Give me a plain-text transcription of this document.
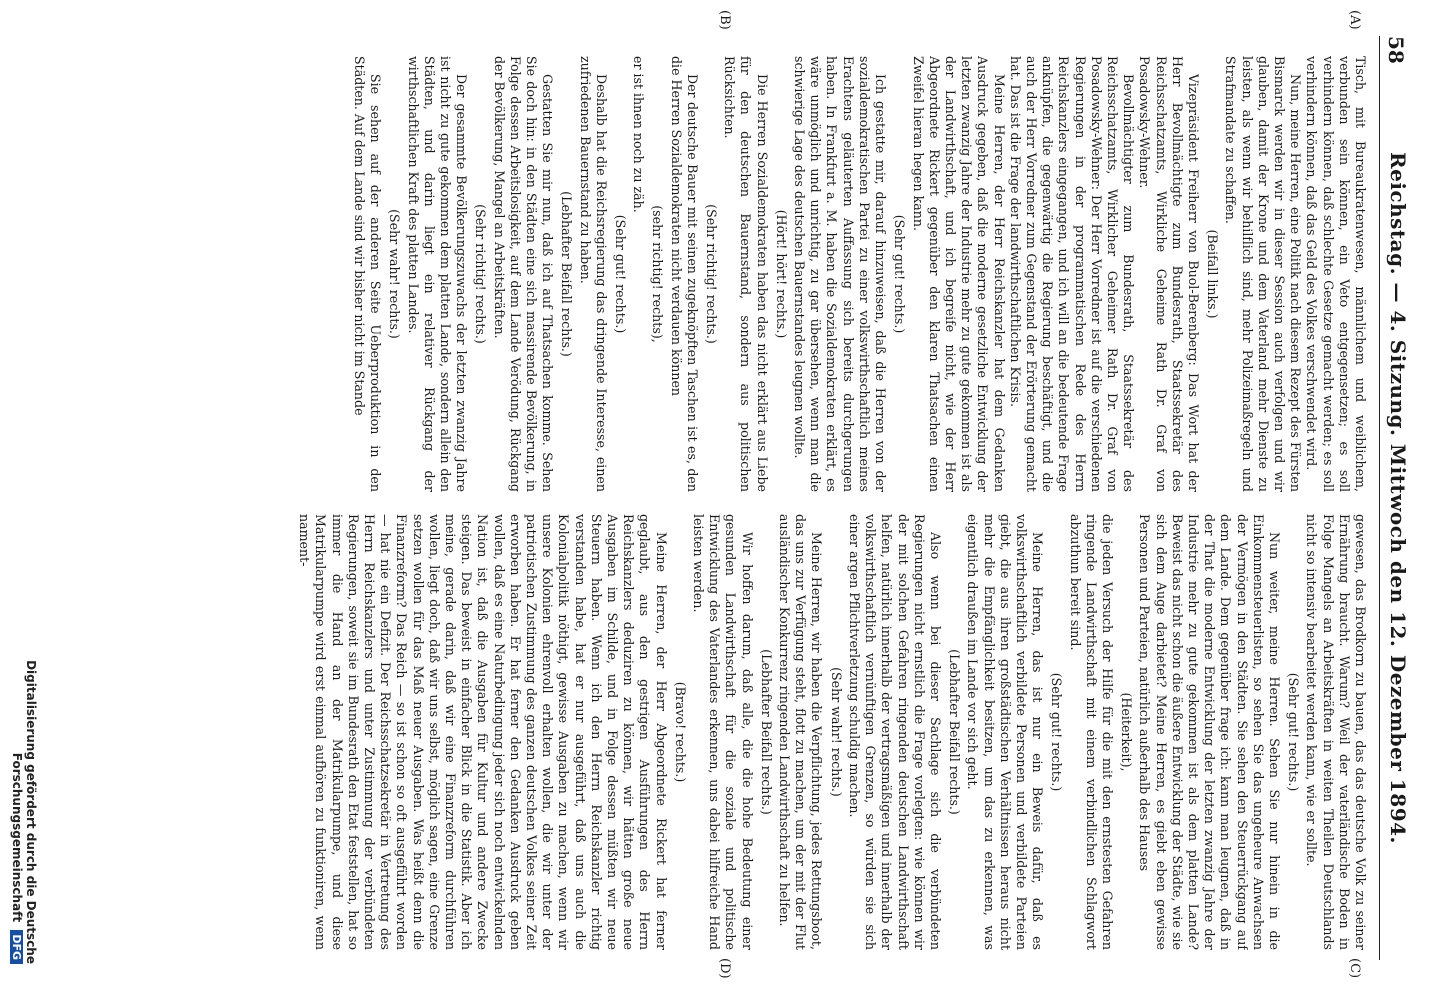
58
Reichstag. — 4. Sitzung. Mittwoch den 12. Dezember 1894.
(A)
(B)
(C)
(D)

Tisch, mit Bureaukratenwesen, männlichem und weiblichem, verbunden sein können, ein Veto entgegensetzen; es soll verhindern können, daß schlechte Gesetze gemacht werden; es soll verhindern können, daß das Geld des Volkes verschwendet wird.

Nun, meine Herren, eine Politik nach diesem Rezept des Fürsten Bismarck werden wir in dieser Session auch verfolgen und wir glauben, damit der Krone und dem Vaterland mehr Dienste zu leisten, als wenn wir behilflich sind, mehr Polizeimaßregeln und Strafmandate zu schaffen.

(Beifall links.)

Vizepräsident Freiherr von Buol-Berenberg: Das Wort hat der Herr Bevollmächtigte zum Bundesrath, Staatssekretär des Reichsschatzamts, Wirkliche Geheime Rath Dr. Graf von Posadowsky-Wehner.

Bevollmächtigter zum Bundesrath, Staatssekretär des Reichsschatzamts, Wirklicher Geheimer Rath Dr. Graf von Posadowsky-Wehner: Der Herr Vorredner ist auf die verschiedenen Regierungen in der programmatischen Rede des Herrn Reichskanzlers eingegangen, und ich will an die bedeutende Frage anknüpfen, die gegenwärtig die Regierung beschäftigt, und die auch der Herr Vorredner zum Gegenstand der Erörterung gemacht hat. Das ist die Frage der landwirthschaftlichen Krisis.

Meine Herren, der Herr Reichskanzler hat dem Gedanken Ausdruck gegeben, daß die moderne gesetzliche Entwicklung der letzten zwanzig Jahre der Industrie mehr zu gute gekommen ist als der Landwirthschaft, und ich begreife nicht, wie der Herr Abgeordnete Rickert gegenüber den klaren Thatsachen einen Zweifel hieran hegen kann.

(Sehr gut! rechts.)

Ich gestatte mir, darauf hinzuweisen, daß die Herren von der sozialdemokratischen Partei zu einer volkswirthschaftlich meines Erachtens geläuterten Auffassung sich bereits durchgerungen haben. In Frankfurt a. M. haben die Sozialdemokraten erklärt, es wäre unmöglich und unrichtig, zu gar übersehen, wenn man die schwierige Lage des deutschen Bauernstandes leugnen wollte.

(Hört! hört! rechts.)

Die Herren Sozialdemokraten haben das nicht erklärt aus Liebe für den deutschen Bauernstand, sondern aus politischen Rücksichten.

(Sehr richtig! rechts.)

Der deutsche Bauer mit seinen zugeknöpften Taschen ist es, den die Herren Sozialdemokraten nicht verdauen können

(sehr richtig! rechts),

er ist ihnen noch zu zäh.

(Sehr gut! rechts.)

Deshalb hat die Reichsregierung das dringende Interesse, einen zufriedenen Bauernstand zu haben.

(Lebhafter Beifall rechts.)

Gestatten Sie mir nun, daß ich auf Thatsachen komme. Sehen Sie doch hin: in den Städten eine sich massirende Bevölkerung, in Folge dessen Arbeitslosigkeit, auf dem Lande Verödung, Rückgang der Bevölkerung, Mangel an Arbeitskräften.

(Sehr richtig! rechts.)

Der gesammte Bevölkerungszuwachs der letzten zwanzig Jahre ist nicht zu gute gekommen dem platten Lande, sondern allein den Städten, und darin liegt ein relativer Rückgang der wirthschaftlichen Kraft des platten Landes.

(Sehr wahr! rechts.)

Sie sehen auf der anderen Seite Ueberproduktion in den Städten. Auf dem Lande sind wir bisher nicht im Stande

gewesen, das Brodkorn zu bauen, das das deutsche Volk zu seiner Ernährung braucht. Warum? Weil der vaterländische Boden in Folge Mangels an Arbeitskräften in weiten Theilen Deutschlands nicht so intensiv bearbeitet werden kann, wie er sollte.

(Sehr gut! rechts.)

Nun weiter, meine Herren. Sehen Sie nur hinein in die Einkommensteuerlisten, so sehen Sie das ungeheure Anwachsen der Vermögen in den Städten. Sie sehen den Steuerrückgang auf dem Lande. Dem gegenüber frage ich: kann man leugnen, daß in der That die moderne Entwicklung der letzten zwanzig Jahre der Industrie mehr zu gute gekommen ist als dem platten Lande? Beweist das nicht schon die äußere Entwicklung der Städte, wie sie sich dem Auge darbietet? Meine Herren, es giebt eben gewisse Personen und Parteien, natürlich außerhalb des Hauses

(Heiterkeit),

die jeden Versuch der Hilfe für die mit den ernstesten Gefahren ringende Landwirthschaft mit einem verbindlichen Schlagwort abzuthun bereit sind.

(Sehr gut! rechts.)

Meine Herren, das ist nur ein Beweis dafür, daß es volkswirthschaftlich verbildete Personen und verbildete Parteien giebt, die aus ihren großstädtischen Verhältnissen heraus nicht mehr die Empfänglichkeit besitzen, um das zu erkennen, was eigentlich draußen im Lande vor sich geht.

(Lebhafter Beifall rechts.)

Also wenn bei dieser Sachlage sich die verbündeten Regierungen nicht ernstlich die Frage vorlegten: wie können wir der mit solchen Gefahren ringenden deutschen Landwirthschaft helfen, natürlich innerhalb der vertragsmäßigen und innerhalb der volkswirthschaftlich vernünftigen Grenzen, so würden sie sich einer argen Pflichtverletzung schuldig machen.

(Sehr wahr! rechts.)

Meine Herren, wir haben die Verpflichtung, jedes Rettungsboot, das uns zur Verfügung steht, flott zu machen, um der mit der Flut ausländischer Konkurrenz ringenden Landwirthschaft zu helfen.

(Lebhafter Beifall rechts.)

Wir hoffen darum, daß alle, die die hohe Bedeutung einer gesunden Landwirthschaft für die soziale und politische Entwicklung des Vaterlandes erkennen, uns dabei hilfreiche Hand leisten werden.

(Bravo! rechts.)

Meine Herren, der Herr Abgeordnete Rickert hat ferner geglaubt, aus den gestrigen Ausführungen des Herrn Reichskanzlers deduziren zu können, wir hätten große neue Ausgaben im Schilde, und in Folge dessen müßten wir neue Steuern haben. Wenn ich den Herrn Reichskanzler richtig verstanden habe, hat er nur ausgeführt, daß uns auch die Kolonialpolitik nöthigt, gewisse Ausgaben zu machen, wenn wir unsere Kolonien ehrenvoll erhalten wollen, die wir unter der patriotischen Zustimmung des ganzen deutschen Volkes seiner Zeit erworben haben. Er hat ferner den Gedanken Ausdruck geben wollen, daß es eine Naturbedingung jeder sich noch entwickelnden Nation ist, daß die Ausgaben für Kultur und andere Zwecke steigen. Das beweist in einfacher Blick in die Statistik. Aber ich meine, gerade darin, daß wir eine Finanzreform durchführen wollen, liegt doch, daß wir uns selbst, möglich sagen, eine Grenze setzen wollen für das Maß neuer Ausgaben. Was heißt denn die Finanzreform? Das Reich — so ist schon so oft ausgeführt worden — hat nie ein Defizit. Der Reichsschatzsekretär in Vertretung des Herrn Reichskanzlers und unter Zustimmung der verbündeten Regierungen, soweit sie im Bundesrath den Etat feststellen, hat so immer die Hand an der Matrikularpumpe, und diese Matrikularpumpe wird erst einmal aufhören zu funktioniren, wenn nament-

Digitalisierung gefördert durch die Deutsche Forschungsgemeinschaft DFG
